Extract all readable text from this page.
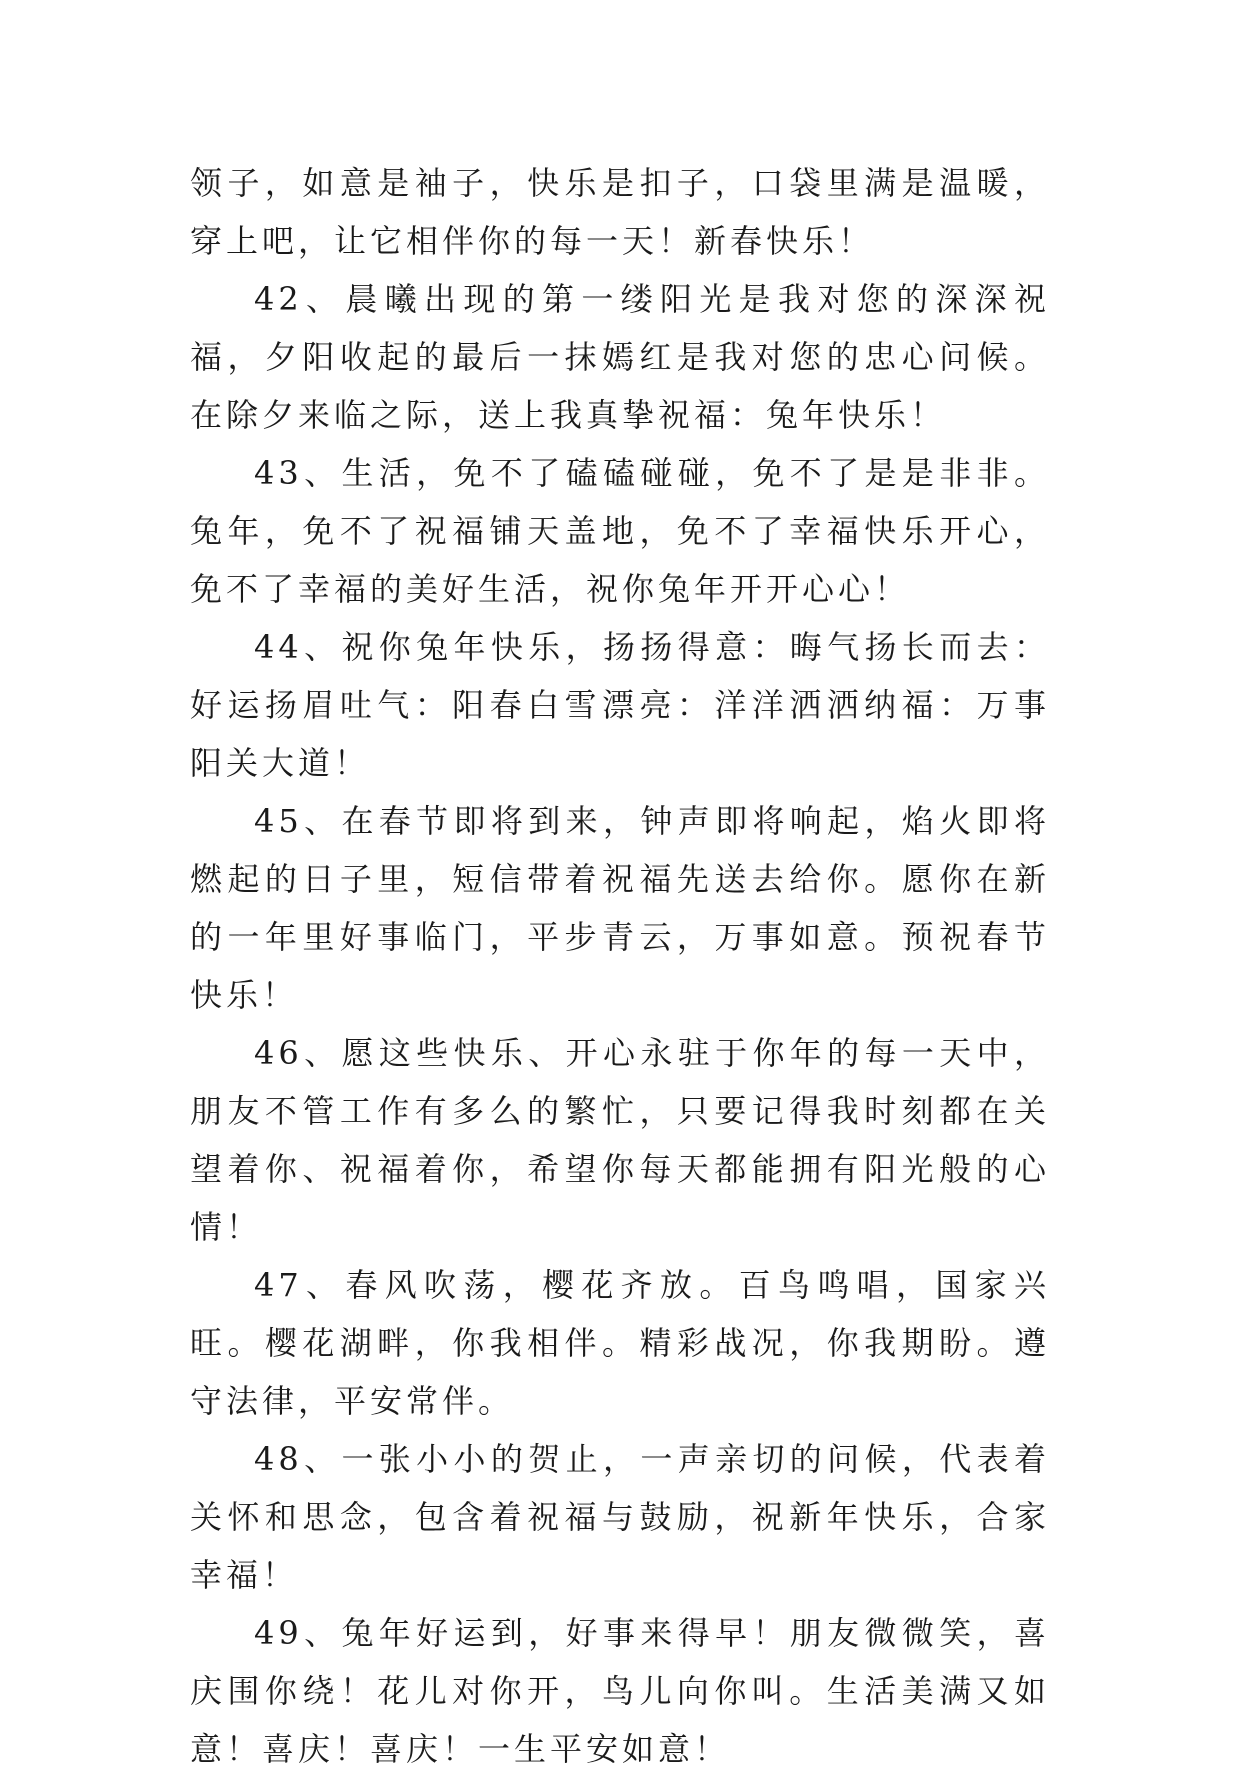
领子，如意是袖子，快乐是扣子，口袋里满是温暖，穿上吧，让它相伴你的每一天！新春快乐！

42、晨曦出现的第一缕阳光是我对您的深深祝福，夕阳收起的最后一抹嫣红是我对您的忠心问候。在除夕来临之际，送上我真挚祝福：兔年快乐！

43、生活，免不了磕磕碰碰，免不了是是非非。兔年，免不了祝福铺天盖地，免不了幸福快乐开心，免不了幸福的美好生活，祝你兔年开开心心！

44、祝你兔年快乐，扬扬得意：晦气扬长而去：好运扬眉吐气：阳春白雪漂亮：洋洋洒洒纳福：万事阳关大道！

45、在春节即将到来，钟声即将响起，焰火即将燃起的日子里，短信带着祝福先送去给你。愿你在新的一年里好事临门，平步青云，万事如意。预祝春节快乐！

46、愿这些快乐、开心永驻于你年的每一天中，朋友不管工作有多么的繁忙，只要记得我时刻都在关望着你、祝福着你，希望你每天都能拥有阳光般的心情！

47、春风吹荡，樱花齐放。百鸟鸣唱，国家兴旺。樱花湖畔，你我相伴。精彩战况，你我期盼。遵守法律，平安常伴。

48、一张小小的贺止，一声亲切的问候，代表着关怀和思念，包含着祝福与鼓励，祝新年快乐，合家幸福！

49、兔年好运到，好事来得早！朋友微微笑，喜庆围你绕！花儿对你开，鸟儿向你叫。生活美满又如意！喜庆！喜庆！一生平安如意！
